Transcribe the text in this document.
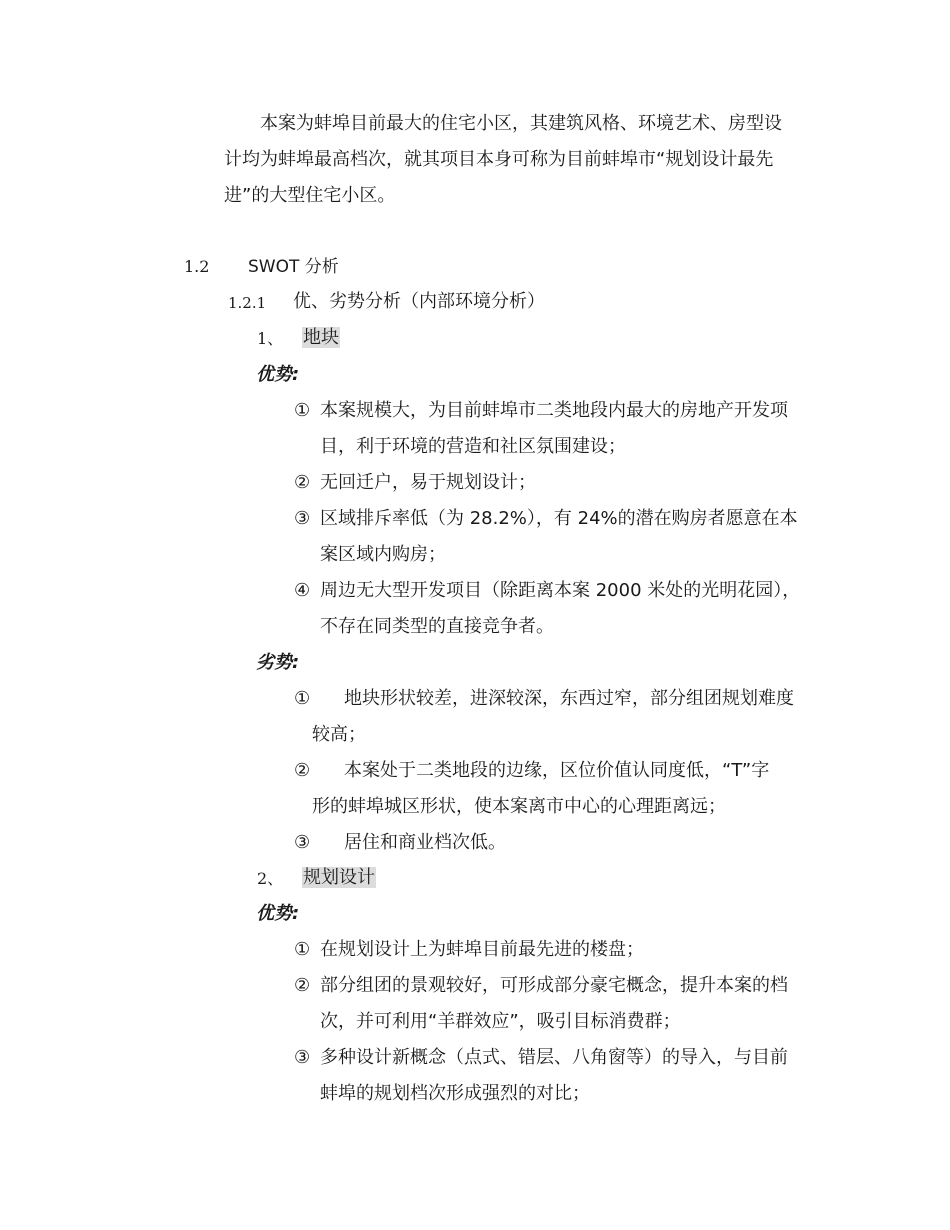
本案为蚌埠目前最大的住宅小区，其建筑风格、环境艺术、房型设
计均为蚌埠最高档次，就其项目本身可称为目前蚌埠市“规划设计最先
进”的大型住宅小区。
1.2 SWOT 分析
1.2.1 优、劣势分析（内部环境分析）
1、 地块
优势:
① 本案规模大，为目前蚌埠市二类地段内最大的房地产开发项
目，利于环境的营造和社区氛围建设；
② 无回迁户，易于规划设计；
③ 区域排斥率低（为 28.2%），有 24%的潜在购房者愿意在本
案区域内购房；
④ 周边无大型开发项目（除距离本案 2000 米处的光明花园），
不存在同类型的直接竞争者。
劣势:
① 地块形状较差，进深较深，东西过窄，部分组团规划难度
较高；
② 本案处于二类地段的边缘，区位价值认同度低，“T”字
形的蚌埠城区形状，使本案离市中心的心理距离远；
③ 居住和商业档次低。
2、 规划设计
优势:
① 在规划设计上为蚌埠目前最先进的楼盘；
② 部分组团的景观较好，可形成部分豪宅概念，提升本案的档
次，并可利用“羊群效应”，吸引目标消费群；
③ 多种设计新概念（点式、错层、八角窗等）的导入，与目前
蚌埠的规划档次形成强烈的对比；
